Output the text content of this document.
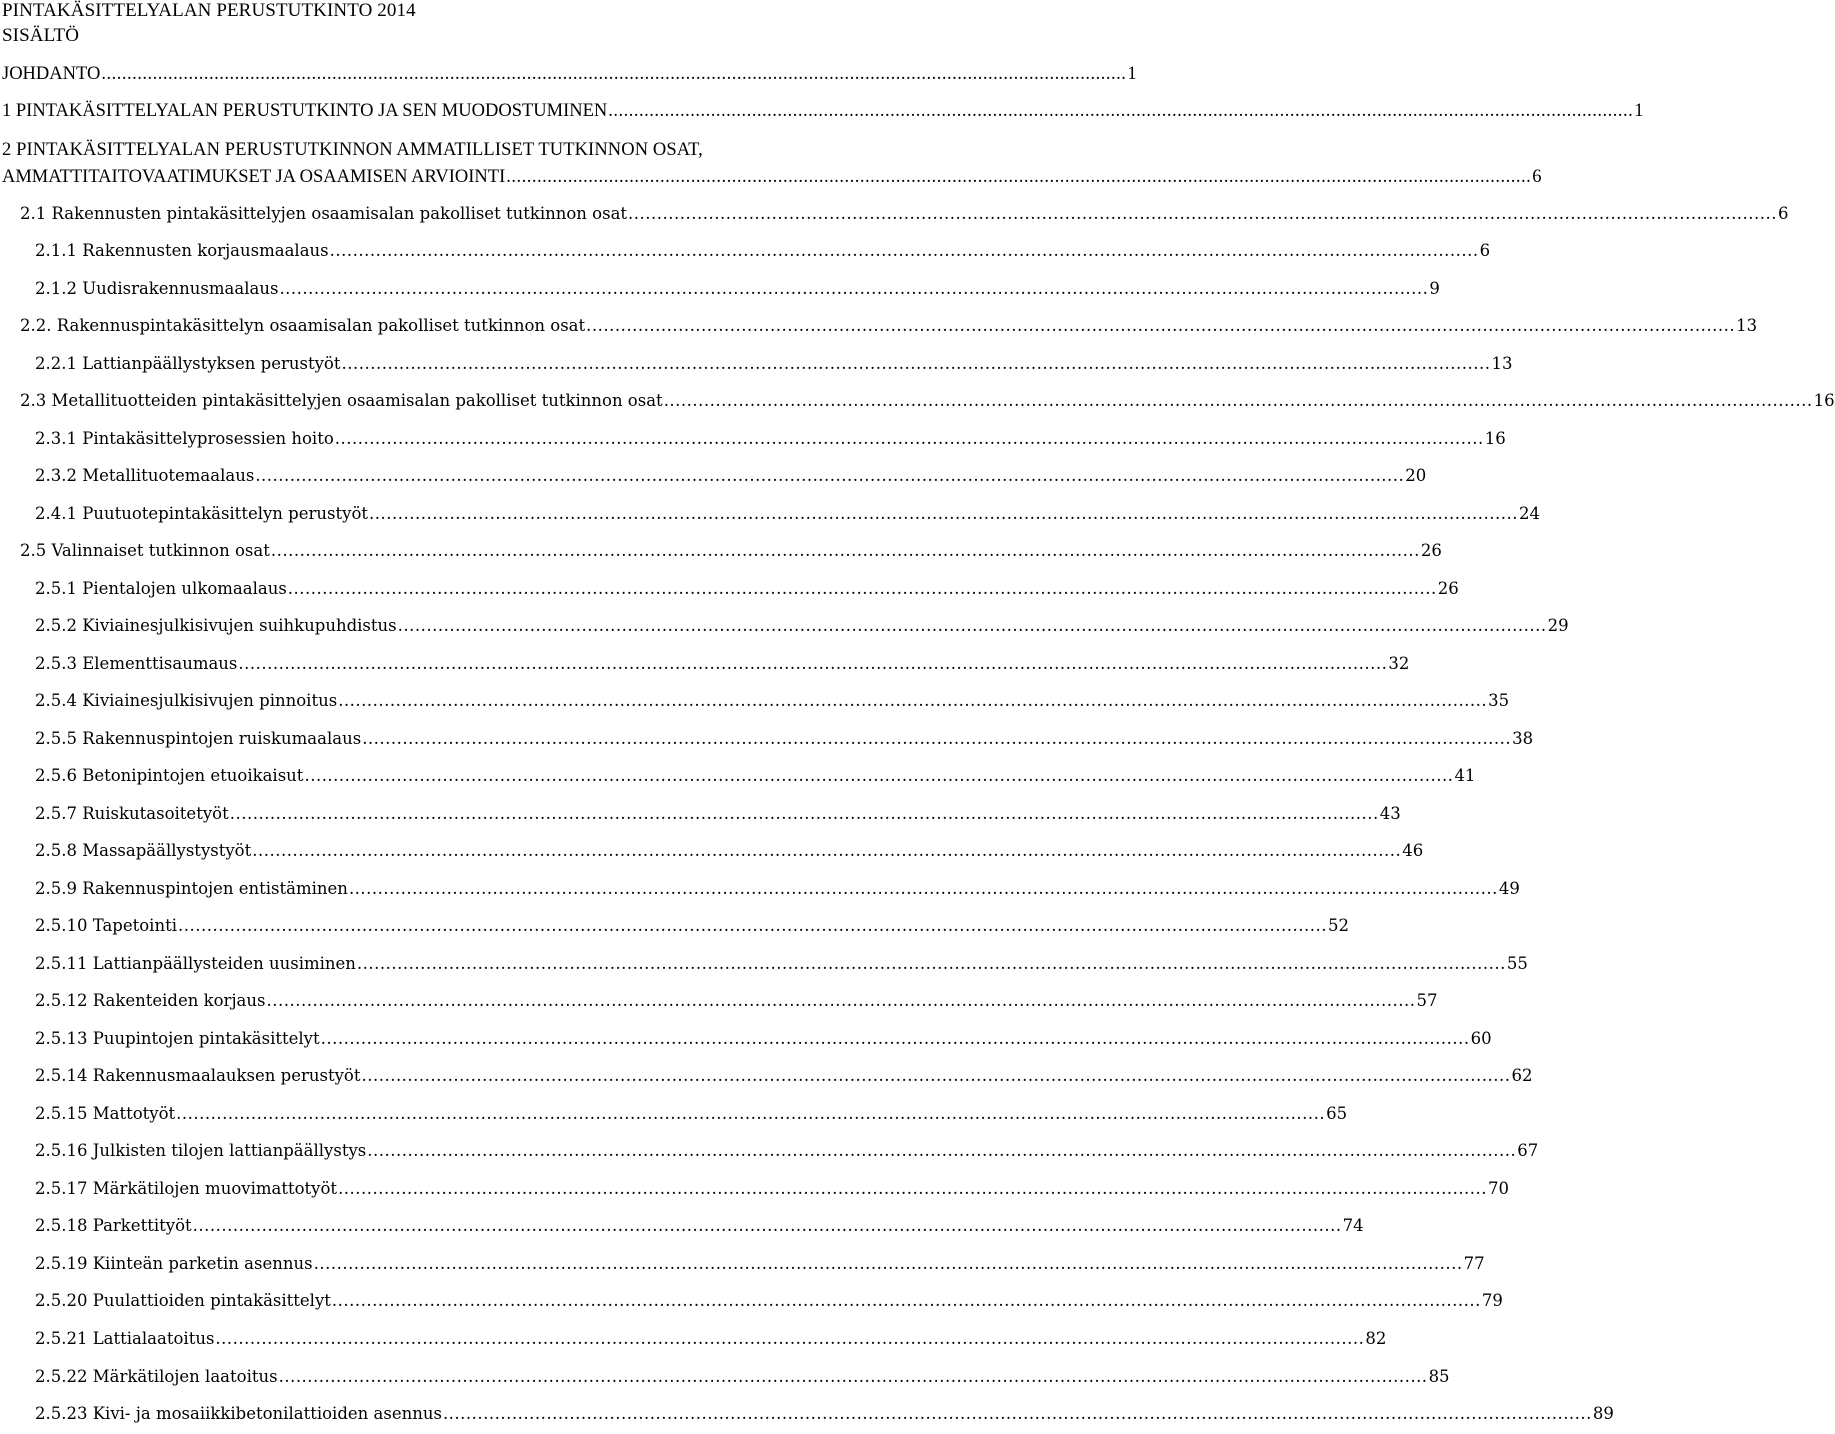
PINTAKÄSITTELYALAN PERUSTUTKINTO 2014
SISÄLTÖ
JOHDANTO ........................................................................................................................................................................................................ 1
1 PINTAKÄSITTELYALAN PERUSTUTKINTO JA SEN MUODOSTUMINEN ........................................................................................................................................................................................................ 1
2 PINTAKÄSITTELYALAN PERUSTUTKINNON AMMATILLISET TUTKINNON OSAT,
AMMATTITAITOVAATIMUKSET JA OSAAMISEN ARVIOINTI ........................................................................................................................................................................................................ 6
2.1 Rakennusten pintakäsittelyjen osaamisalan pakolliset tutkinnon osat ........................................................................................................................................................................................................ 6
2.1.1 Rakennusten korjausmaalaus ........................................................................................................................................................................................................ 6
2.1.2 Uudisrakennusmaalaus ........................................................................................................................................................................................................ 9
2.2. Rakennuspintakäsittelyn osaamisalan pakolliset tutkinnon osat ........................................................................................................................................................................................................ 13
2.2.1 Lattianpäällystyksen perustyöt ........................................................................................................................................................................................................ 13
2.3 Metallituotteiden pintakäsittelyjen osaamisalan pakolliset tutkinnon osat ........................................................................................................................................................................................................ 16
2.3.1 Pintakäsittelyprosessien hoito ........................................................................................................................................................................................................ 16
2.3.2 Metallituotemaalaus ........................................................................................................................................................................................................ 20
2.4.1 Puutuotepintakäsittelyn perustyöt ........................................................................................................................................................................................................ 24
2.5 Valinnaiset tutkinnon osat ........................................................................................................................................................................................................ 26
2.5.1 Pientalojen ulkomaalaus ........................................................................................................................................................................................................ 26
2.5.2 Kiviainesjulkisivujen suihkupuhdistus ........................................................................................................................................................................................................ 29
2.5.3 Elementtisaumaus ........................................................................................................................................................................................................ 32
2.5.4 Kiviainesjulkisivujen pinnoitus ........................................................................................................................................................................................................ 35
2.5.5 Rakennuspintojen ruiskumaalaus ........................................................................................................................................................................................................ 38
2.5.6 Betonipintojen etuoikaisut ........................................................................................................................................................................................................ 41
2.5.7 Ruiskutasoitetyöt ........................................................................................................................................................................................................ 43
2.5.8 Massapäällystystyöt ........................................................................................................................................................................................................ 46
2.5.9 Rakennuspintojen entistäminen ........................................................................................................................................................................................................ 49
2.5.10 Tapetointi ........................................................................................................................................................................................................ 52
2.5.11 Lattianpäällysteiden uusiminen ........................................................................................................................................................................................................ 55
2.5.12 Rakenteiden korjaus ........................................................................................................................................................................................................ 57
2.5.13 Puupintojen pintakäsittelyt ........................................................................................................................................................................................................ 60
2.5.14 Rakennusmaalauksen perustyöt ........................................................................................................................................................................................................ 62
2.5.15 Mattotyöt ........................................................................................................................................................................................................ 65
2.5.16 Julkisten tilojen lattianpäällystys ........................................................................................................................................................................................................ 67
2.5.17 Märkätilojen muovimattotyöt ........................................................................................................................................................................................................ 70
2.5.18 Parkettityöt ........................................................................................................................................................................................................ 74
2.5.19 Kiinteän parketin asennus ........................................................................................................................................................................................................ 77
2.5.20 Puulattioiden pintakäsittelyt ........................................................................................................................................................................................................ 79
2.5.21 Lattialaatoitus ........................................................................................................................................................................................................ 82
2.5.22 Märkätilojen laatoitus ........................................................................................................................................................................................................ 85
2.5.23 Kivi- ja mosaiikkibetonilattioiden asennus ........................................................................................................................................................................................................ 89
